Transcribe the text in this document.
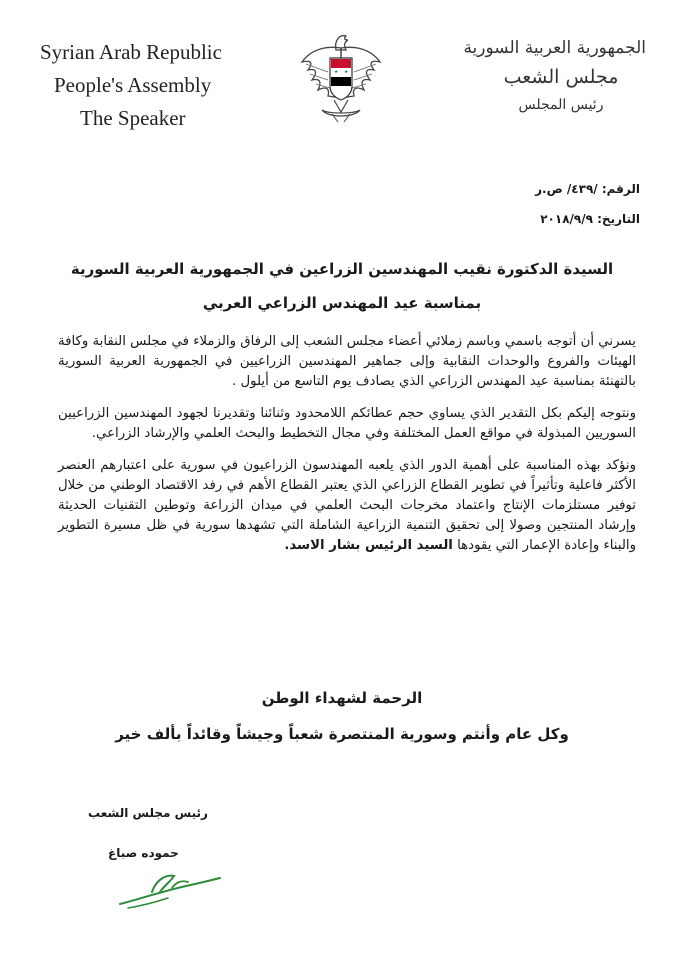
Syrian Arab Republic
People's Assembly
The Speaker
الجمهورية العربية السورية
مجلس الشعب
رئيس المجلس
الرقم: /٤٣٩/ ص.ر
التاريخ: ٢٠١٨/٩/٩
السيدة الدكتورة نقيب المهندسين الزراعين في الجمهورية العربية السورية
بمناسبة عيد المهندس الزراعي العربي

يسرني أن أتوجه باسمي وباسم زملائي أعضاء مجلس الشعب إلى الرفاق والزملاء في مجلس النقابة وكافة الهيئات والفروع والوحدات النقابية وإلى جماهير المهندسين الزراعيين في الجمهورية العربية السورية بالتهنئة بمناسبة عيد المهندس الزراعي الذي يصادف يوم التاسع من أيلول .

ونتوجه إليكم بكل التقدير الذي يساوي حجم عطائكم اللامحدود وثنائنا وتقديرنا لجهود المهندسين الزراعيين السوريين المبذولة في مواقع العمل المختلفة وفي مجال التخطيط والبحث العلمي والإرشاد الزراعي.

ونؤكد بهذه المناسبة على أهمية الدور الذي يلعبه المهندسون الزراعيون في سورية على اعتبارهم العنصر الأكثر فاعلية وتأثيراً في تطوير القطاع الزراعي الذي يعتبر القطاع الأهم في رفد الاقتصاد الوطني من خلال توفير مستلزمات الإنتاج واعتماد مخرجات البحث العلمي في ميدان الزراعة وتوطين التقنيات الحديثة وإرشاد المنتجين وصولا إلى تحقيق التنمية الزراعية الشاملة التي تشهدها سورية في ظل مسيرة التطوير والبناء وإعادة الإعمار التي يقودها السيد الرئيس بشار الاسد.

الرحمة لشهداء الوطن
وكل عام وأنتم وسورية المنتصرة شعباً وجيشاً وقائداً بألف خير
رئيس مجلس الشعب
حموده صباغ
